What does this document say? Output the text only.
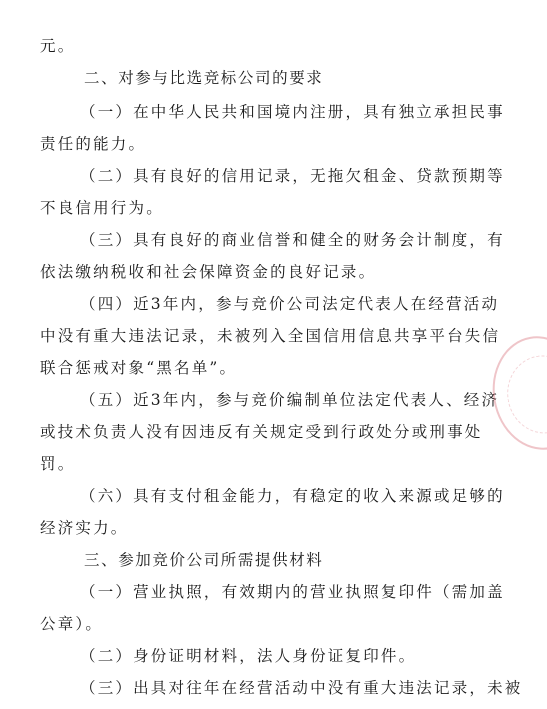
元。
二、对参与比选竞标公司的要求
（一）在中华人民共和国境内注册，具有独立承担民事
责任的能力。
（二）具有良好的信用记录，无拖欠租金、贷款预期等
不良信用行为。
（三）具有良好的商业信誉和健全的财务会计制度，有
依法缴纳税收和社会保障资金的良好记录。
（四）近3年内，参与竞价公司法定代表人在经营活动
中没有重大违法记录，未被列入全国信用信息共享平台失信
联合惩戒对象“黑名单”。
（五）近3年内，参与竞价编制单位法定代表人、经济
或技术负责人没有因违反有关规定受到行政处分或刑事处
罚。
（六）具有支付租金能力，有稳定的收入来源或足够的
经济实力。
三、参加竞价公司所需提供材料
（一）营业执照，有效期内的营业执照复印件（需加盖
公章）。
（二）身份证明材料，法人身份证复印件。
（三）出具对往年在经营活动中没有重大违法记录，未被
